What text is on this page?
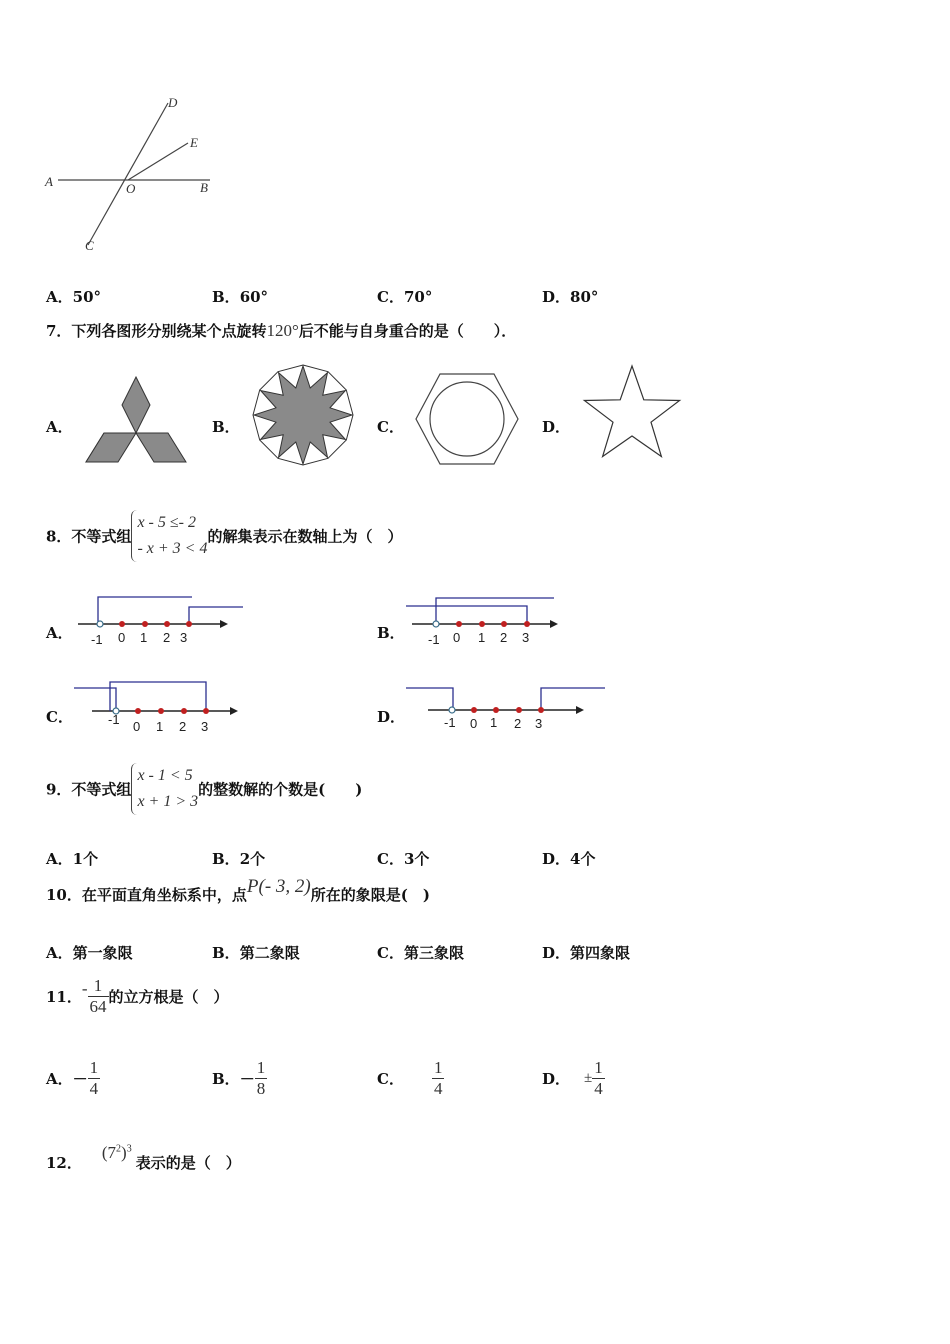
D
E
A	O	B
C
A．50°	B．60°	C．70°	D．80°
7．下列各图形分别绕某个点旋转120°后不能与自身重合的是（　　）．
A．	B．	C．	D．
8．不等式组
x - 5 ≤- 2
- x + 3 < 4
的解集表示在数轴上为（　）
A．	B．
C．	D．
-1 0 1 2 3	-1 0 1 2 3
-1 0 1 2 3	-1 0 1 2 3
9．不等式组
x - 1 < 5
x + 1 > 3
的整数解的个数是(　　)
A．1个	B．2个	C．3个	D．4个
10．在平面直角坐标系中，点P(- 3, 2)所在的象限是(　)
A．第一象限	B．第二象限	C．第三象限	D．第四象限
11．- $\frac{1}{64}$ 的立方根是（　）
A．－ $\frac{1}{4}$	B．－ $\frac{1}{8}$	C． $\frac{1}{4}$	D． ± $\frac{1}{4}$
12．$(7^2)^3$表示的是（　）
